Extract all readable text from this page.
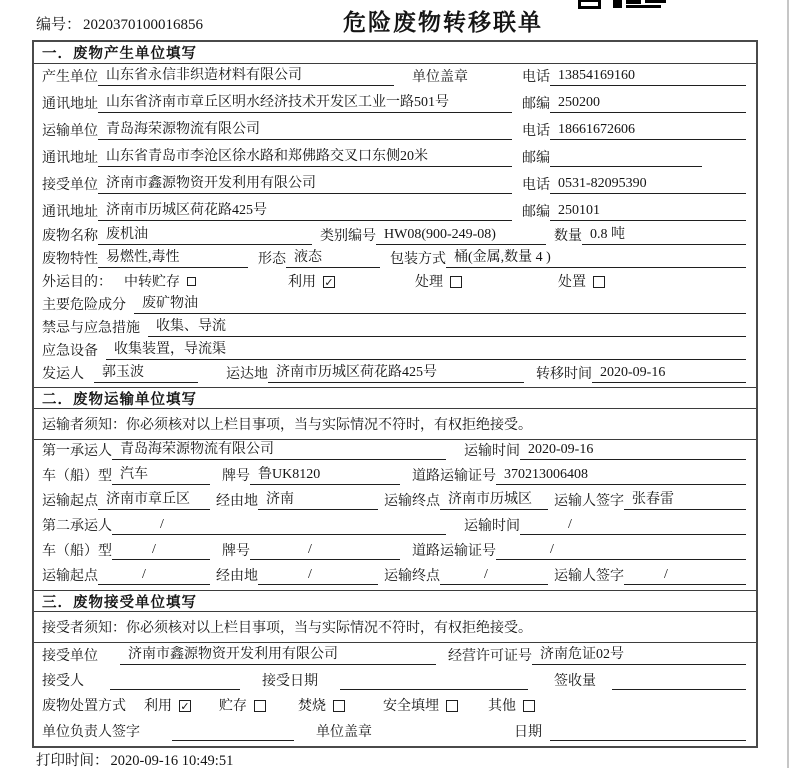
编号： 2020370100016856	危险废物转移联单
一．废物产生单位填写
产生单位 山东省永信非织造材料有限公司	单位盖章	电话 13854169160
通讯地址 山东省济南市章丘区明水经济技术开发区工业一路501号	邮编 250200
运输单位 青岛海荣源物流有限公司	电话 18661672606
通讯地址 山东省青岛市李沧区徐水路和郑佛路交叉口东侧20米	邮编
接受单位 济南市鑫源物资开发利用有限公司	电话 0531-82095390
通讯地址 济南市历城区荷花路425号	邮编 250101
废物名称 废机油	类别编号 HW08(900-249-08)	数量 0.8 吨
废物特性 易燃性,毒性	形态 液态	包装方式 桶(金属,数量 4 )
外运目的： 中转贮存	利用 ✓	处理	处置
主要危险成分	废矿物油
禁忌与应急措施	收集、导流
应急设备	收集装置，导流渠
发运人	郭玉波	运达地 济南市历城区荷花路425号	转移时间 2020-09-16
二．废物运输单位填写
运输者须知：你必须核对以上栏目事项，当与实际情况不符时，有权拒绝接受。
第一承运人 青岛海荣源物流有限公司	运输时间 2020-09-16
车（船）型 汽车	牌号 鲁UK8120	道路运输证号 370213006408
运输起点 济南市章丘区	经由地 济南	运输终点 济南市历城区	运输人签字 张春雷
第二承运人	/	运输时间	/
车（船）型	/	牌号	/	道路运输证号	/
运输起点	/	经由地	/	运输终点	/	运输人签字	/
三．废物接受单位填写
接受者须知：你必须核对以上栏目事项，当与实际情况不符时，有权拒绝接受。
接受单位	济南市鑫源物资开发利用有限公司	经营许可证号 济南危证02号
接受人	接受日期	签收量
废物处置方式 利用 ✓ 贮存	焚烧	安全填埋	其他
单位负责人签字	单位盖章	日期
打印时间： 2020-09-16 10:49:51
